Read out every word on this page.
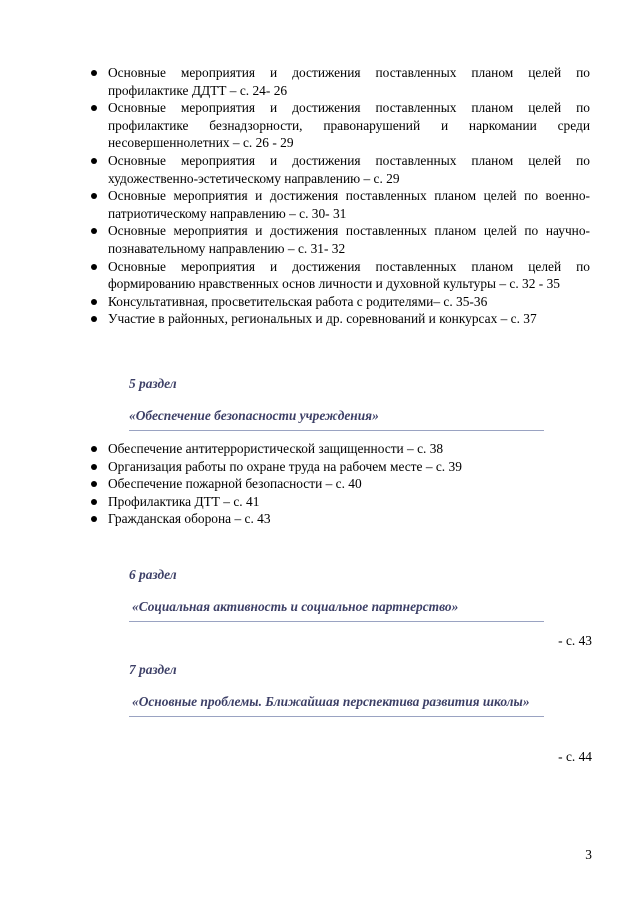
Основные мероприятия и достижения поставленных планом целей по профилактике ДДТТ – с. 24- 26
Основные мероприятия и достижения поставленных планом целей по профилактике безнадзорности, правонарушений и наркомании среди несовершеннолетних – с. 26 - 29
Основные мероприятия и достижения поставленных планом целей по художественно-эстетическому направлению – с. 29
Основные мероприятия и достижения поставленных планом целей по военно-патриотическому направлению – с. 30- 31
Основные мероприятия и достижения поставленных планом целей по научно-познавательному направлению – с. 31- 32
Основные мероприятия и достижения поставленных планом целей по формированию нравственных основ личности и духовной культуры – с. 32 - 35
Консультативная, просветительская работа с родителями– с. 35-36
Участие в районных, региональных и др. соревнований и конкурсах – с. 37
5 раздел
«Обеспечение безопасности учреждения»
Обеспечение антитеррористической защищенности – с. 38
Организация работы по охране труда на рабочем месте – с. 39
Обеспечение пожарной безопасности – с. 40
Профилактика ДТТ – с. 41
Гражданская оборона – с. 43
6 раздел
«Социальная активность и социальное партнерство»
- с. 43
7 раздел
«Основные проблемы. Ближайшая перспектива развития школы»
- с. 44
3
